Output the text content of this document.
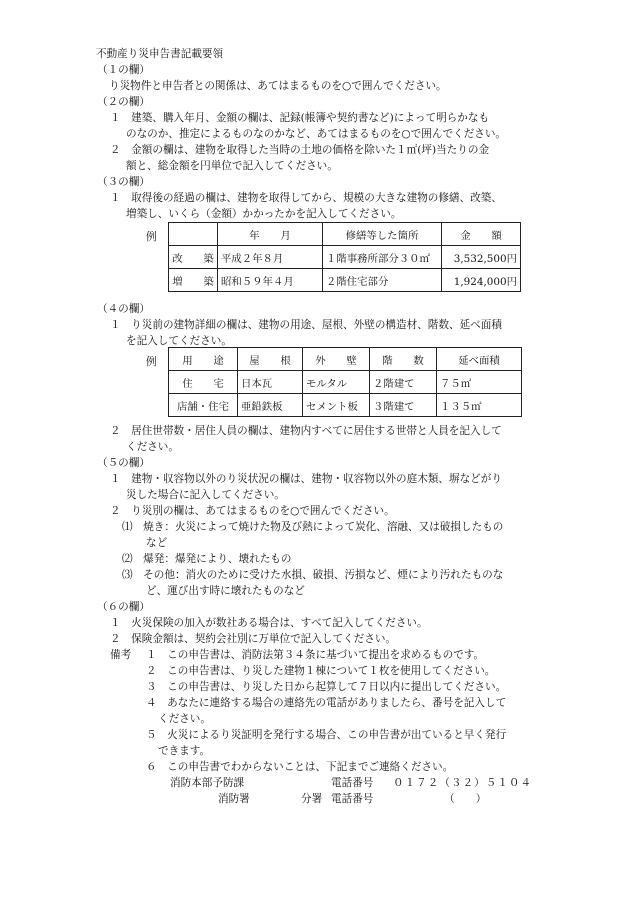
不動産り災申告書記載要領
（１の欄）
り災物件と申告者との関係は、あてはまるものを○で囲んでください。
（２の欄）
１　建築、購入年月、金額の欄は、記録(帳簿や契約書など)によって明らかなも
のなのか、推定によるものなのかなど、あてはまるものを○で囲んでください。
２　金額の欄は、建物を取得した当時の土地の価格を除いた１㎡(坪)当たりの金
額と、総金額を円単位で記入してください。
（３の欄）
１　取得後の経過の欄は、建物を取得してから、規模の大きな建物の修繕、改築、
増築し、いくら（金額）かかったかを記入してください。
例
		年　　月	修繕等した箇所	金　　額
改　　築	平成２年８月	１階事務所部分３０㎡	3,532,500円
増　　築	昭和５９年４月	２階住宅部分	1,924,000円
（４の欄）
１　り災前の建物詳細の欄は、建物の用途、屋根、外壁の構造材、階数、延べ面積
を記入してください。
例 用　　途	屋　　根	外　　壁	階　　数	延べ面積
住　　宅	日本瓦	モルタル	２階建て	７５㎡
店舗・住宅	亜鉛鉄板	セメント板	３階建て	１３５㎡
２　居住世帯数・居住人員の欄は、建物内すべてに居住する世帯と人員を記入して
ください。
（５の欄）
１　建物・収容物以外のり災状況の欄は、建物・収容物以外の庭木類、塀などがり
災した場合に記入してください。
２　り災別の欄は、あてはまるものを○で囲んでください。
⑴　焼き：火災によって焼けた物及び熱によって炭化、溶融、又は破損したもの
など
⑵　爆発：爆発により、壊れたもの
⑶　その他：消火のために受けた水損、破損、汚損など、煙により汚れたものな
ど、運び出す時に壊れたものなど
（６の欄）
１　火災保険の加入が数社ある場合は、すべて記入してください。
２　保険金額は、契約会社別に万単位で記入してください。
備考 １　この申告書は、消防法第３４条に基づいて提出を求めるものです。
２　この申告書は、り災した建物１棟について１枚を使用してください。
３　この申告書は、り災した日から起算して７日以内に提出してください。
４　あなたに連絡する場合の連絡先の電話がありましたら、番号を記入して
ください。
５　火災によるり災証明を発行する場合、この申告書が出ていると早く発行
できます。
６　この申告書でわからないことは、下記までご連絡ください。
消防本部予防課	電話番号 ０１７２（３２）５１０４
消防署	分署 電話番号	（　　）
